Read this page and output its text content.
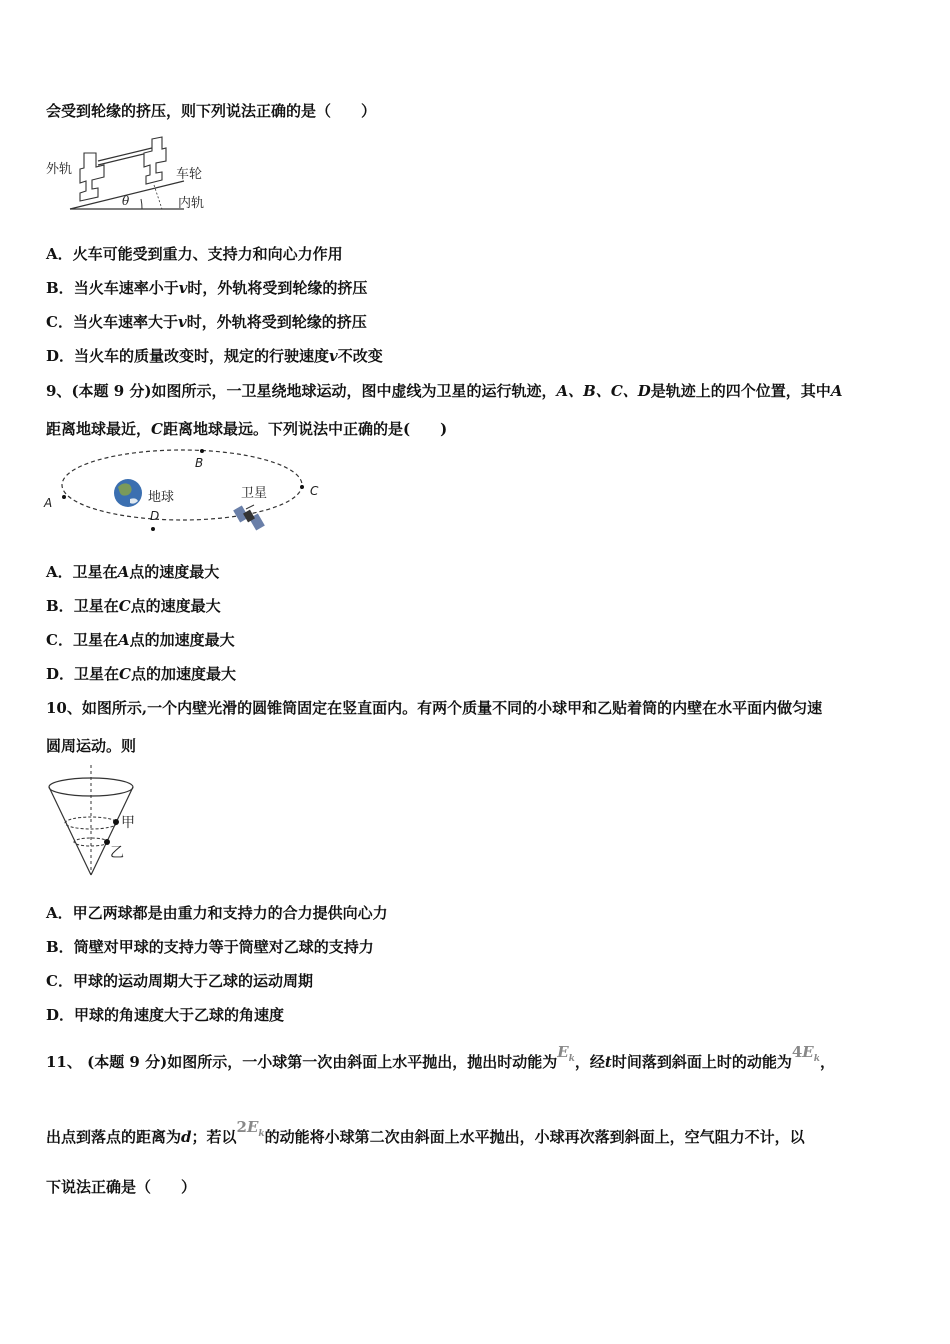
会受到轮缘的挤压，则下列说法正确的是（　　）
外轨	车轮
θ	内轨
A．火车可能受到重力、支持力和向心力作用
B．当火车速率小于v时，外轨将受到轮缘的挤压
C．当火车速率大于v时，外轨将受到轮缘的挤压
D．当火车的质量改变时，规定的行驶速度v不改变
9、(本题 9 分)如图所示，一卫星绕地球运动，图中虚线为卫星的运行轨迹，A、B、C、D是轨迹上的四个位置，其中A
距离地球最近，C距离地球最远。下列说法中正确的是(　　)
A
B
C
D
地球	卫星
A．卫星在A点的速度最大
B．卫星在C点的速度最大
C．卫星在A点的加速度最大
D．卫星在C点的加速度最大
10、如图所示,一个内壁光滑的圆锥筒固定在竖直面内。有两个质量不同的小球甲和乙贴着筒的内壁在水平面内做匀速
圆周运动。则
甲
乙
A．甲乙两球都是由重力和支持力的合力提供向心力
B．筒壁对甲球的支持力等于筒壁对乙球的支持力
C．甲球的运动周期大于乙球的运动周期
D．甲球的角速度大于乙球的角速度
11、 (本题 9 分)如图所示，一小球第一次由斜面上水平抛出，抛出时动能为$E_k$，经t时间落到斜面上时的动能为$4E_k$，
出点到落点的距离为d；若以$2E_k$的动能将小球第二次由斜面上水平抛出，小球再次落到斜面上，空气阻力不计，以
下说法正确是（　　）
